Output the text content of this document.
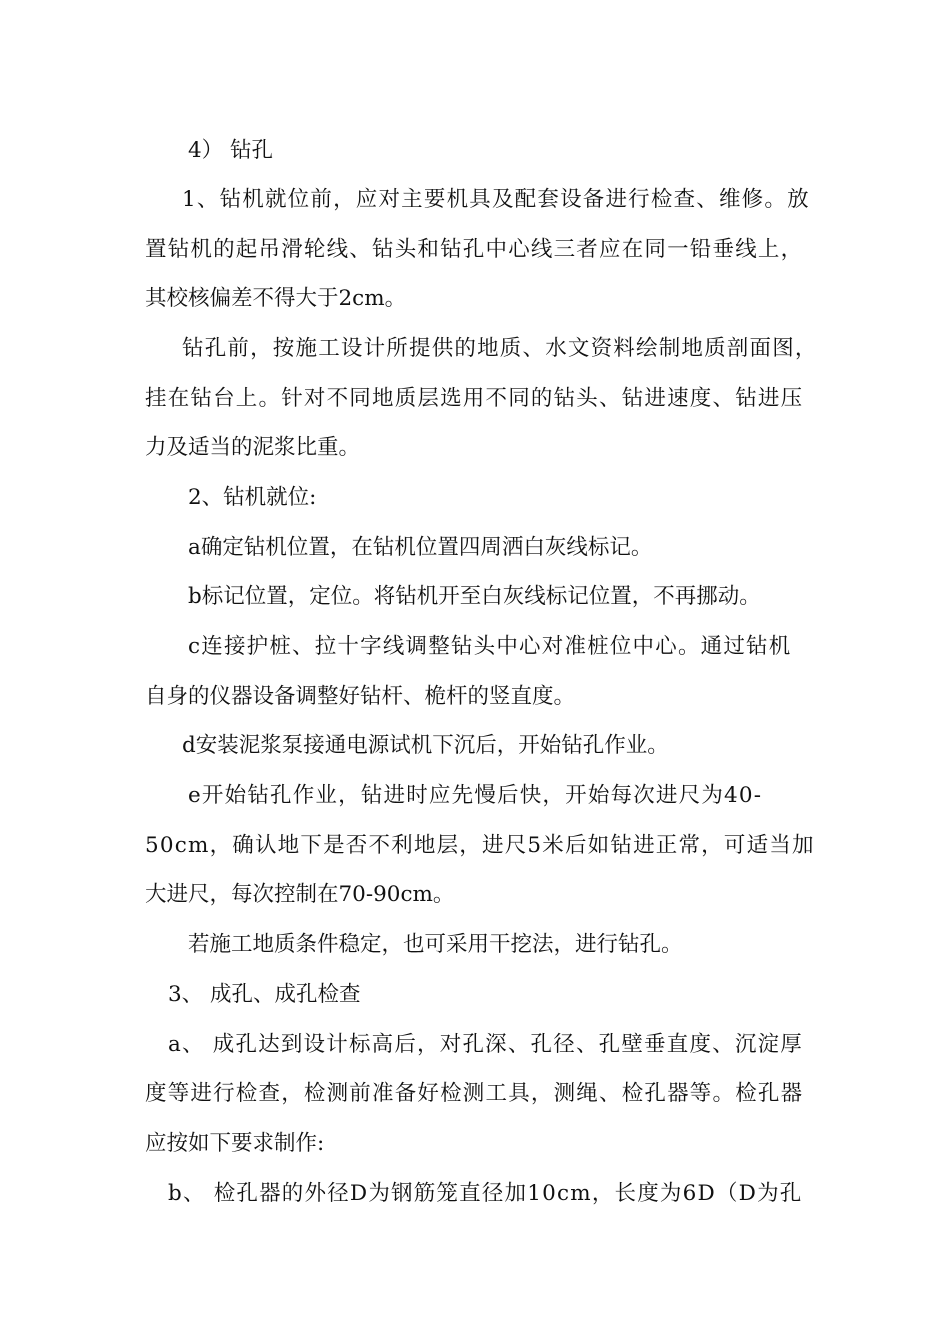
4） 钻孔
1、钻机就位前，应对主要机具及配套设备进行检查、维修。放
置钻机的起吊滑轮线、钻头和钻孔中心线三者应在同一铅垂线上，
其校核偏差不得大于2cm。
钻孔前，按施工设计所提供的地质、水文资料绘制地质剖面图，
挂在钻台上。针对不同地质层选用不同的钻头、钻进速度、钻进压
力及适当的泥浆比重。
2、钻机就位:
a确定钻机位置，在钻机位置四周洒白灰线标记。
b标记位置，定位。将钻机开至白灰线标记位置，不再挪动。
c连接护桩、拉十字线调整钻头中心对准桩位中心。通过钻机
自身的仪器设备调整好钻杆、桅杆的竖直度。
d安装泥浆泵接通电源试机下沉后，开始钻孔作业。
e开始钻孔作业，钻进时应先慢后快，开始每次进尺为40-
50cm，确认地下是否不利地层，进尺5米后如钻进正常，可适当加
大进尺，每次控制在70-90cm。
若施工地质条件稳定，也可采用干挖法，进行钻孔。
3、 成孔、成孔检查
a、 成孔达到设计标高后，对孔深、孔径、孔壁垂直度、沉淀厚
度等进行检查，检测前准备好检测工具，测绳、检孔器等。检孔器
应按如下要求制作:
b、 检孔器的外径D为钢筋笼直径加10cm，长度为6D（D为孔
